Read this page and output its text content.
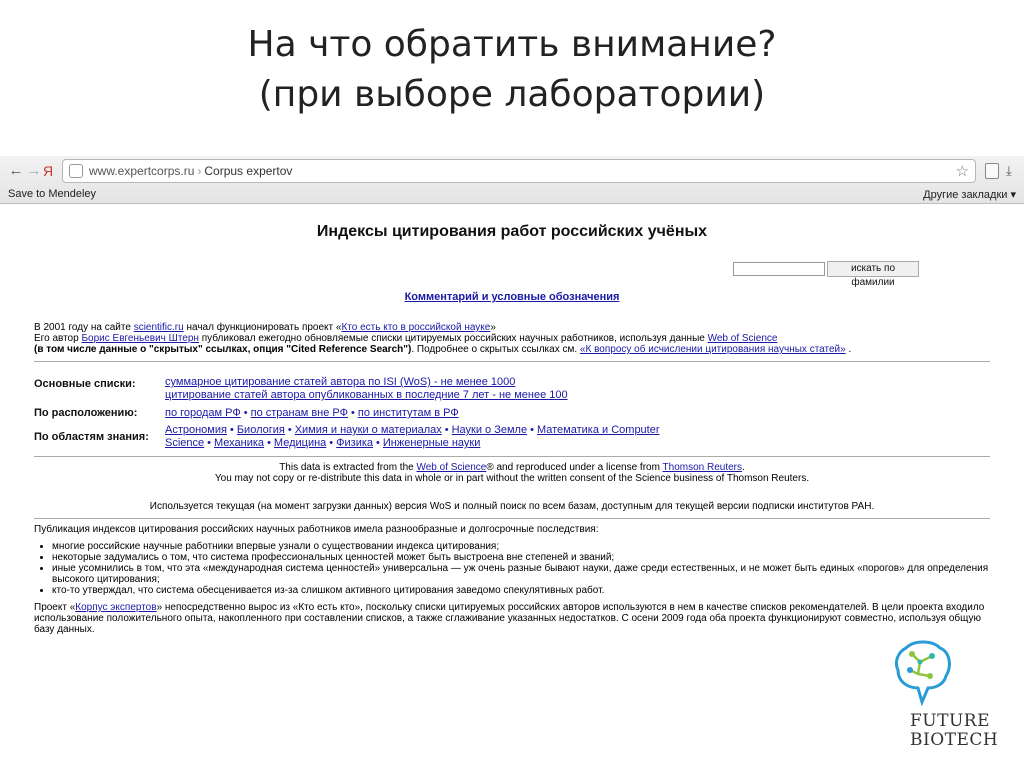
На что обратить внимание?
(при выборе лаборатории)
← → Я	www.expertcorps.ru › Corpus expertov	☆	⤓
Save to Mendeley	Другие закладки ▾
Индексы цитирования работ российских учёных
искать по фамилии
Комментарий и условные обозначения
В 2001 году на сайте scientific.ru начал функционировать проект «Кто есть кто в российской науке»
Его автор Борис Евгеньевич Штерн публиковал ежегодно обновляемые списки цитируемых российских научных работников, используя данные Web of Science
(в том числе данные о "скрытых" ссылках, опция "Cited Reference Search"). Подробнее о скрытых ссылках см. «К вопросу об исчислении цитирования научных статей» .
Основные списки:	суммарное цитирование статей автора по ISI (WoS) - не менее 1000
цитирование статей автора опубликованных в последние 7 лет - не менее 100
По расположению:	по городам РФ • по странам вне РФ • по институтам в РФ
По областям знания:
Астрономия • Биология • Химия и науки о материалах • Науки о Земле • Математика и Computer Science • Механика • Медицина • Физика • Инженерные науки
This data is extracted from the Web of Science® and reproduced under a license from Thomson Reuters.
You may not copy or re-distribute this data in whole or in part without the written consent of the Science business of Thomson Reuters.
Используется текущая (на момент загрузки данных) версия WoS и полный поиск по всем базам, доступным для текущей версии подписки институтов РАН.

Публикация индексов цитирования российских научных работников имела разнообразные и долгосрочные последствия:

• многие российские научные работники впервые узнали о существовании индекса цитирования;
• некоторые задумались о том, что система профессиональных ценностей может быть выстроена вне степеней и званий;
• иные усомнились в том, что эта «международная система ценностей» универсальна — уж очень разные бывают науки, даже среди естественных, и не может быть единых «порогов» для определения высокого цитирования;
• кто-то утверждал, что система обесценивается из-за слишком активного цитирования заведомо спекулятивных работ.

Проект «Корпус экспертов» непосредственно вырос из «Кто есть кто», поскольку списки цитируемых российских авторов используются в нем в качестве списков рекомендателей. В цели проекта входило использование положительного опыта, накопленного при составлении списков, а также сглаживание указанных недостатков. С осени 2009 года оба проекта функционируют совместно, используя общую базу данных.

FUTURE
BIOTECH
